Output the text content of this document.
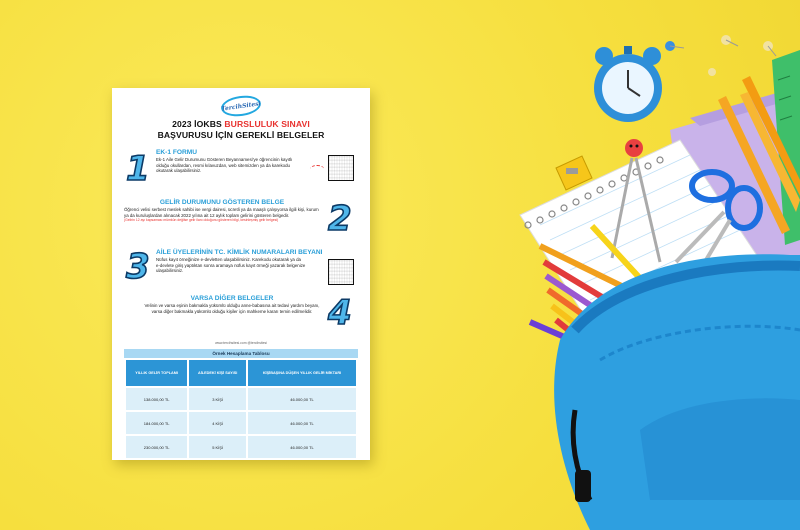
TercihSitesi
2023 İOKBS BURSLULUK SINAVI
BAŞVURUSU İÇİN GEREKLİ BELGELER
1 EK-1 FORMU
Ek-1 Aile Gelir Durumunu Gösteren Beyannamesi'ye öğrencinin kayıtlı olduğu okullardan, resmi kılavuzdan, web sitemizden ya da karekodu okutarak ulaşabilirsiniz.
GELİR DURUMUNU GÖSTEREN BELGE
Öğrenci velisi serbest meslek sahibi ise vergi dairesi, ücretli ya da maaşlı çalışıyorsa ilgili kişi, kurum ya da kuruluşlardan alınacak 2022 yılına ait 12 aylık toplam gelirini gösteren belgedir.
(Gelirin 12 ayı kapsaması mümkün değilse gelir ilanı olduğunu gösteren bilgi, kesinleşmiş gelir belgesi)	2
3 AİLE ÜYELERİNİN TC. KİMLİK NUMARALARI BEYANI
Nüfus kayıt örneğinize e-devletten ulaşabilirsiniz. Karekodu okutarak ya da e-devlete giriş yaptıktan sonra aramaya nüfus kayıt örneği yazarak belgenize ulaşabilirsiniz.
VARSA DİĞER BELGELER
Velinin ve varsa eşinin bakmakla yükümlü olduğu anne-babasına ait tedavi yardım beyanı, varsa diğer bakmakla yükümlü olduğu kişiler için mahkeme kararı temin edilmelidir. 4
www.tercihsitesi.com @tercihsitesi
Örnek Hesaplama Tablosu
YILLIK GELİR TOPLAMI	AİLEDEKİ KİŞİ SAYISI	KİŞİBAŞINA DÜŞEN YILLIK GELİR MİKTARI
138.000,00 TL	3 KİŞİ	46.000,00 TL
184.000,00 TL	4 KİŞİ	46.000,00 TL
230.000,00 TL	5 KİŞİ	46.000,00 TL
